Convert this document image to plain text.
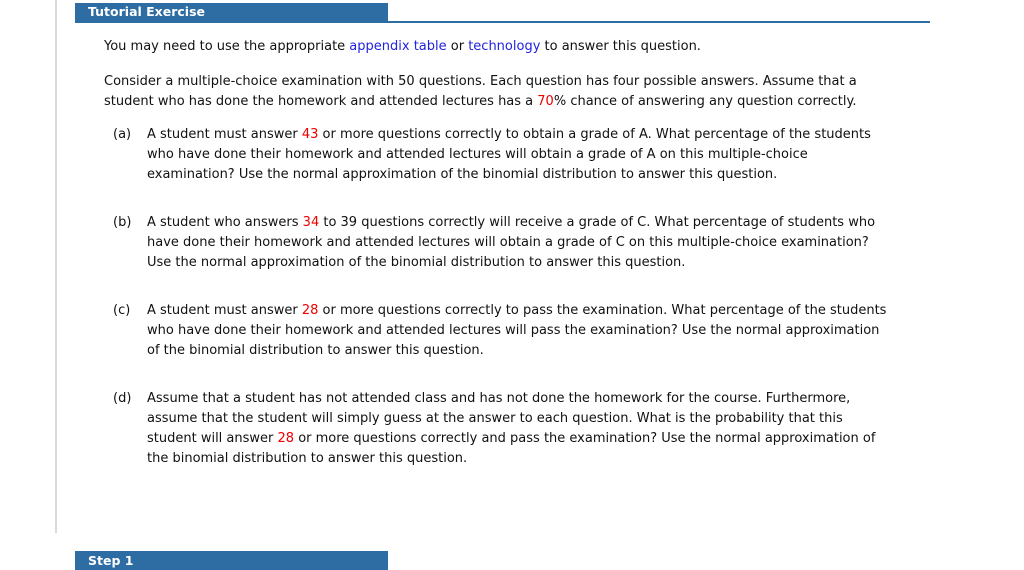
Tutorial Exercise

You may need to use the appropriate appendix table or technology to answer this question.

Consider a multiple-choice examination with 50 questions. Each question has four possible answers. Assume that a student who has done the homework and attended lectures has a 70% chance of answering any question correctly.

(a)	A student must answer 43 or more questions correctly to obtain a grade of A. What percentage of the students who have done their homework and attended lectures will obtain a grade of A on this multiple-choice examination? Use the normal approximation of the binomial distribution to answer this question.
(b)	A student who answers 34 to 39 questions correctly will receive a grade of C. What percentage of students who have done their homework and attended lectures will obtain a grade of C on this multiple-choice examination? Use the normal approximation of the binomial distribution to answer this question.
(c)	A student must answer 28 or more questions correctly to pass the examination. What percentage of the students who have done their homework and attended lectures will pass the examination? Use the normal approximation of the binomial distribution to answer this question.
(d)	Assume that a student has not attended class and has not done the homework for the course. Furthermore, assume that the student will simply guess at the answer to each question. What is the probability that this student will answer 28 or more questions correctly and pass the examination? Use the normal approximation of the binomial distribution to answer this question.
Step 1
